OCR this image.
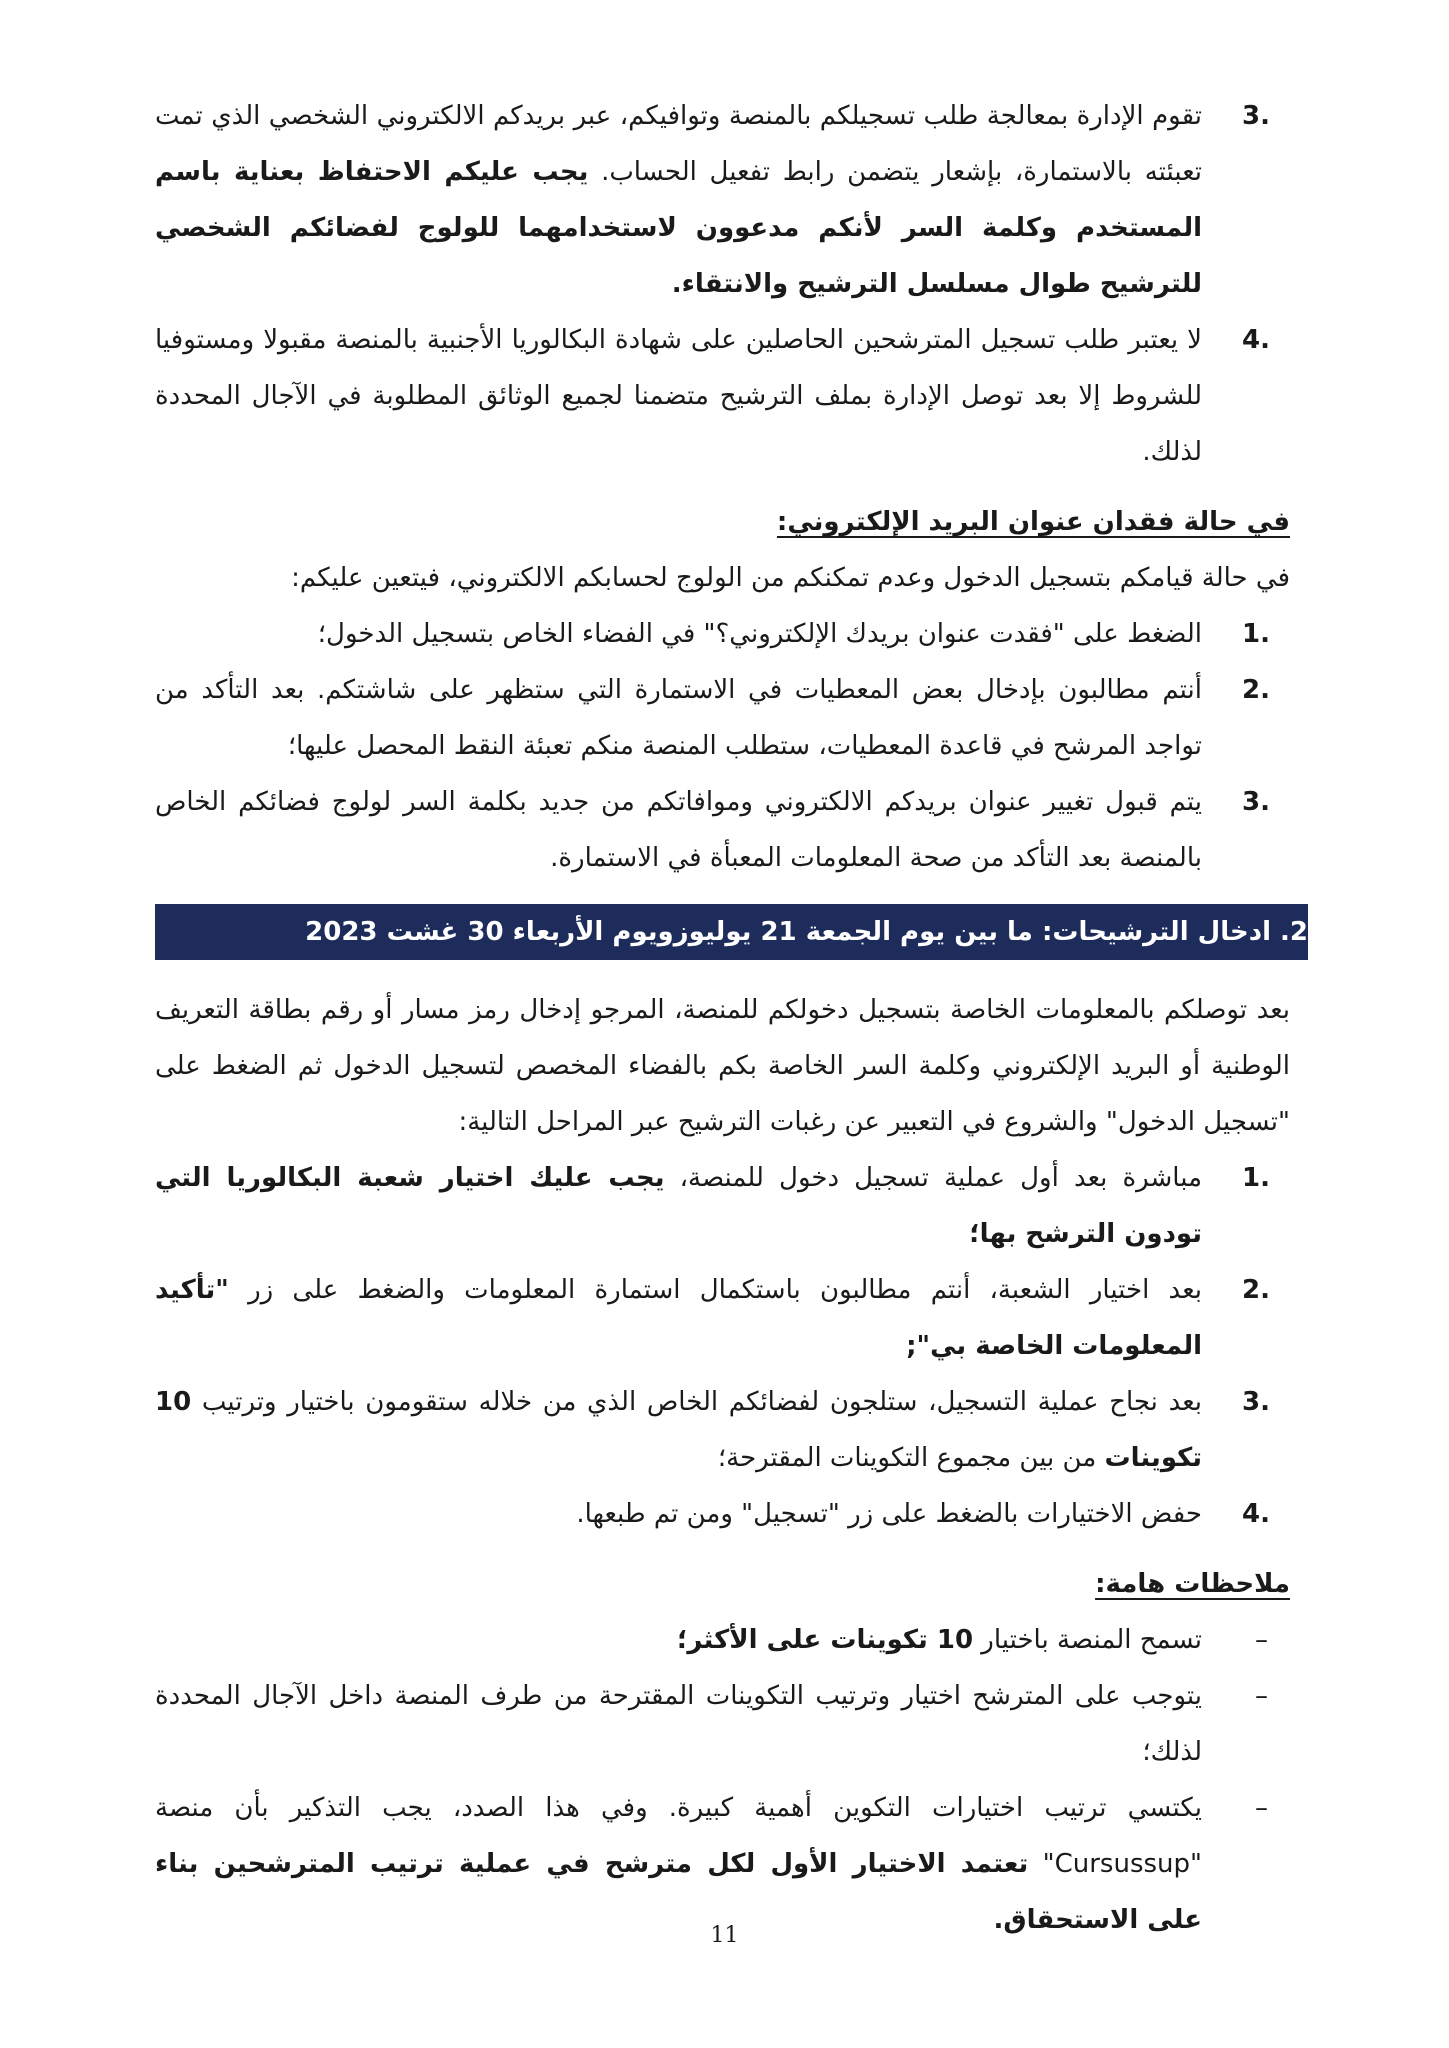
3 .
تقوم الإدارة بمعالجة طلب تسجيلكم بالمنصة وتوافيكم، عبر بريدكم الالكتروني الشخصي الذي تمت تعبئته بالاستمارة، بإشعار يتضمن رابط تفعيل الحساب. يجب عليكم الاحتفاظ بعناية باسم المستخدم وكلمة السر لأنكم مدعوون لاستخدامهما للولوج لفضائكم الشخصي للترشيح طوال مسلسل الترشيح والانتقاء.
4 .
لا يعتبر طلب تسجيل المترشحين الحاصلين على شهادة البكالوريا الأجنبية بالمنصة مقبولا ومستوفيا للشروط إلا بعد توصل الإدارة بملف الترشيح متضمنا لجميع الوثائق المطلوبة في الآجال المحددة لذلك.

في حالة فقدان عنوان البريد الإلكتروني:

في حالة قيامكم بتسجيل الدخول وعدم تمكنكم من الولوج لحسابكم الالكتروني، فيتعين عليكم:

1 .
الضغط على "فقدت عنوان بريدك الإلكتروني؟" في الفضاء الخاص بتسجيل الدخول؛
2 .
أنتم مطالبون بإدخال بعض المعطيات في الاستمارة التي ستظهر على شاشتكم. بعد التأكد من تواجد المرشح في قاعدة المعطيات، ستطلب المنصة منكم تعبئة النقط المحصل عليها؛
3 .
يتم قبول تغيير عنوان بريدكم الالكتروني وموافاتكم من جديد بكلمة السر لولوج فضائكم الخاص بالمنصة بعد التأكد من صحة المعلومات المعبأة في الاستمارة.
2. ادخال الترشيحات: ما بين يوم الجمعة 21 يوليوزويوم الأربعاء 30 غشت 2023

بعد توصلكم بالمعلومات الخاصة بتسجيل دخولكم للمنصة، المرجو إدخال رمز مسار أو رقم بطاقة التعريف الوطنية أو البريد الإلكتروني وكلمة السر الخاصة بكم بالفضاء المخصص لتسجيل الدخول ثم الضغط على "تسجيل الدخول" والشروع في التعبير عن رغبات الترشيح عبر المراحل التالية:

1 .
مباشرة بعد أول عملية تسجيل دخول للمنصة، يجب عليك اختيار شعبة البكالوريا التي تودون الترشح بها؛
2 .
بعد اختيار الشعبة، أنتم مطالبون باستكمال استمارة المعلومات والضغط على زر "تأكيد المعلومات الخاصة بي";
3 .
بعد نجاح عملية التسجيل، ستلجون لفضائكم الخاص الذي من خلاله ستقومون باختيار وترتيب 10 تكوينات من بين مجموع التكوينات المقترحة؛
4 .
حفض الاختيارات بالضغط على زر "تسجيل" ومن تم طبعها.

ملاحظات هامة:

–
تسمح المنصة باختيار 10 تكوينات على الأكثر؛
–
يتوجب على المترشح اختيار وترتيب التكوينات المقترحة من طرف المنصة داخل الآجال المحددة لذلك؛
–
يكتسي ترتيب اختيارات التكوين أهمية كبيرة. وفي هذا الصدد، يجب التذكير بأن منصة "Cursussup" تعتمد الاختيار الأول لكل مترشح في عملية ترتيب المترشحين بناء على الاستحقاق.
11
